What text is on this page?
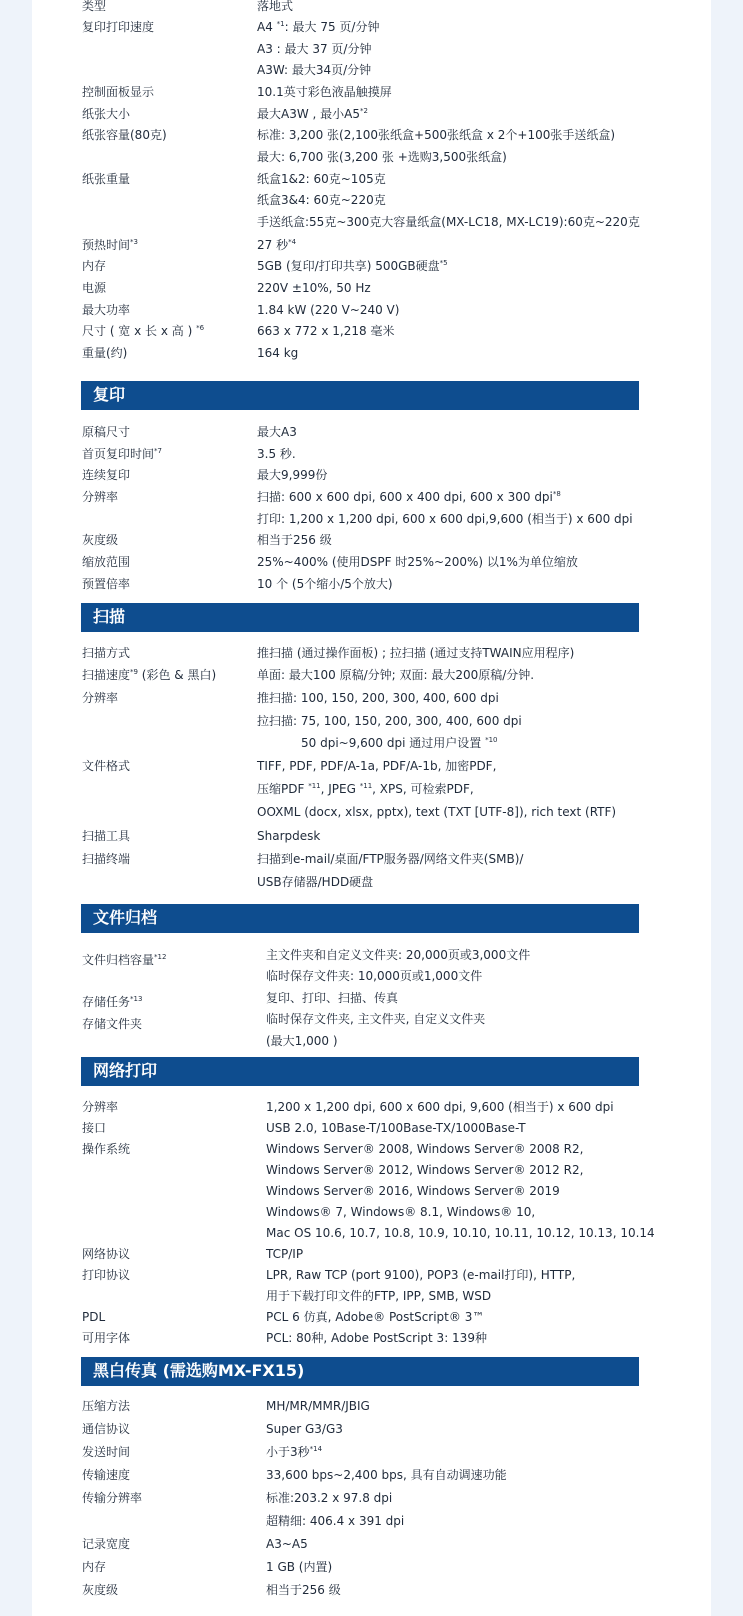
类型	落地式
复印打印速度	A4 $^{*1}$: 最大 75 页/分钟
A3 : 最大 37 页/分钟
A3W: 最大34页/分钟
控制面板显示	10.1英寸彩色液晶触摸屏
纸张大小	最大A3W , 最小A5$^{*2}$
纸张容量(80克)	标准: 3,200 张(2,100张纸盒+500张纸盒 x 2个+100张手送纸盒)
最大: 6,700 张(3,200 张 +选购3,500张纸盒)
纸张重量	纸盒1&2: 60克~105克
纸盒3&4: 60克~220克
手送纸盒:55克~300克大容量纸盒(MX-LC18, MX-LC19):60克~220克
预热时间$^{*3}$	27 秒$^{*4}$
内存	5GB (复印/打印共享) 500GB硬盘$^{*5}$
电源	220V ±10%, 50 Hz
最大功率	1.84 kW (220 V~240 V)
尺寸 ( 宽 x 长 x 高 ) $^{*6}$	663 x 772 x 1,218 毫米
重量(约)	164 kg
复印
原稿尺寸	最大A3
首页复印时间$^{*7}$	3.5 秒.
连续复印	最大9,999份
分辨率	扫描: 600 x 600 dpi, 600 x 400 dpi, 600 x 300 dpi$^{*8}$
打印: 1,200 x 1,200 dpi, 600 x 600 dpi,9,600 (相当于) x 600 dpi
灰度级	相当于256 级
缩放范围	25%~400% (使用DSPF 时25%~200%) 以1%为单位缩放
预置倍率	10 个 (5个缩小/5个放大)
扫描
扫描方式	推扫描 (通过操作面板) ; 拉扫描 (通过支持TWAIN应用程序)
扫描速度$^{*9}$ (彩色 & 黑白)	单面: 最大100 原稿/分钟; 双面: 最大200原稿/分钟.
分辨率	推扫描: 100, 150, 200, 300, 400, 600 dpi
拉扫描: 75, 100, 150, 200, 300, 400, 600 dpi
50 dpi~9,600 dpi 通过用户设置 $^{*10}$
文件格式	TIFF, PDF, PDF/A-1a, PDF/A-1b, 加密PDF,
压缩PDF $^{*11}$, JPEG $^{*11}$, XPS, 可检索PDF,
OOXML (docx, xlsx, pptx), text (TXT [UTF-8]), rich text (RTF)
扫描工具	Sharpdesk
扫描终端	扫描到e-mail/桌面/FTP服务器/网络文件夹(SMB)/
USB存储器/HDD硬盘
文件归档
文件归档容量$^{*12}$	主文件夹和自定义文件夹: 20,000页或3,000文件
临时保存文件夹: 10,000页或1,000文件
存储任务$^{*13}$	复印、打印、扫描、传真
存储文件夹	临时保存文件夹, 主文件夹, 自定义文件夹
(最大1,000 )
网络打印
分辨率	1,200 x 1,200 dpi, 600 x 600 dpi, 9,600 (相当于) x 600 dpi
接口	USB 2.0, 10Base-T/100Base-TX/1000Base-T
操作系统	Windows Server® 2008, Windows Server® 2008 R2,
Windows Server® 2012, Windows Server® 2012 R2,
Windows Server® 2016, Windows Server® 2019
Windows® 7, Windows® 8.1, Windows® 10,
Mac OS 10.6, 10.7, 10.8, 10.9, 10.10, 10.11, 10.12, 10.13, 10.14
网络协议	TCP/IP
打印协议	LPR, Raw TCP (port 9100), POP3 (e-mail打印), HTTP,
用于下载打印文件的FTP, IPP, SMB, WSD
PDL	PCL 6 仿真, Adobe® PostScript® 3™
可用字体	PCL: 80种, Adobe PostScript 3: 139种
黑白传真 (需选购MX-FX15)
压缩方法	MH/MR/MMR/JBIG
通信协议	Super G3/G3
发送时间	小于3秒$^{*14}$
传输速度	33,600 bps~2,400 bps, 具有自动调速功能
传输分辨率	标准:203.2 x 97.8 dpi
超精细: 406.4 x 391 dpi
记录宽度	A3~A5
内存	1 GB (内置)
灰度级	相当于256 级
